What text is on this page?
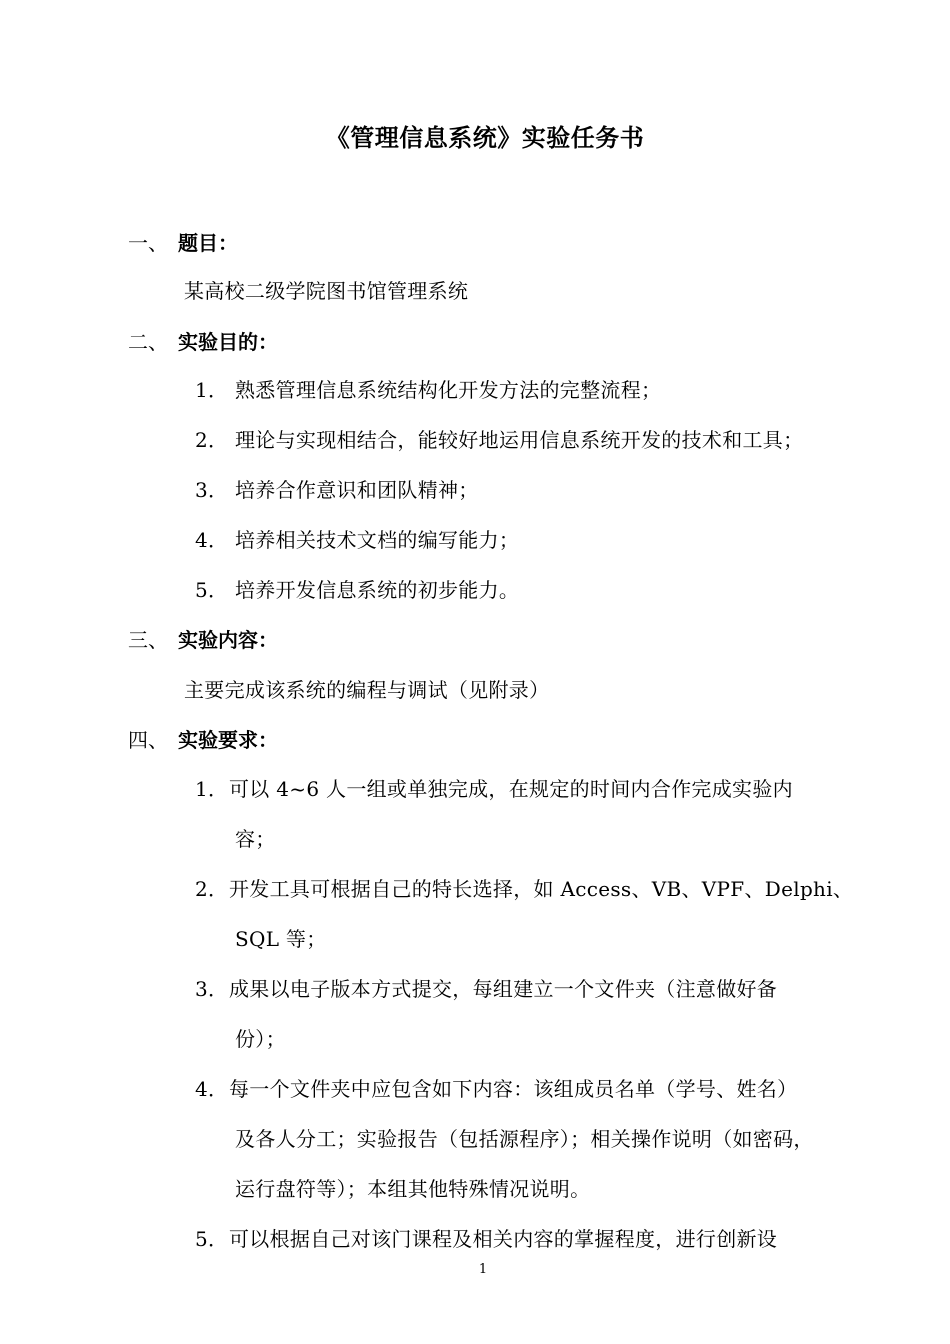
《管理信息系统》实验任务书
一、 题目：
某高校二级学院图书馆管理系统
二、 实验目的：
1． 熟悉管理信息系统结构化开发方法的完整流程；
2． 理论与实现相结合，能较好地运用信息系统开发的技术和工具；
3． 培养合作意识和团队精神；
4． 培养相关技术文档的编写能力；
5． 培养开发信息系统的初步能力。
三、 实验内容：
主要完成该系统的编程与调试（见附录）
四、 实验要求：
1．可以 4~6 人一组或单独完成，在规定的时间内合作完成实验内
容；
2．开发工具可根据自己的特长选择，如 Access、VB、VPF、Delphi、
SQL 等；
3．成果以电子版本方式提交，每组建立一个文件夹（注意做好备
份）；
4．每一个文件夹中应包含如下内容：该组成员名单（学号、姓名）
及各人分工；实验报告（包括源程序）；相关操作说明（如密码，
运行盘符等）；本组其他特殊情况说明。
5．可以根据自己对该门课程及相关内容的掌握程度，进行创新设
1
